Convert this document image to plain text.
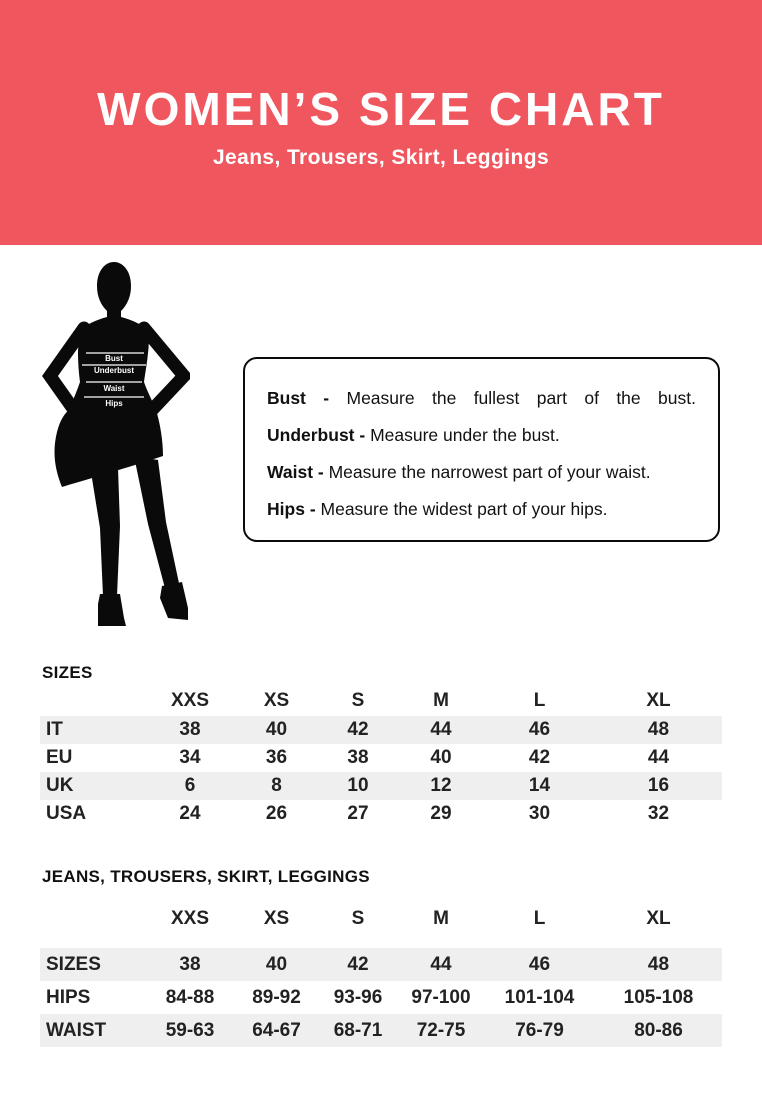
WOMEN’S SIZE CHART

Jeans, Trousers, Skirt, Leggings

Bust
Underbust
Waist
Hips	Bust - Measure the fullest part of the bust.

Underbust - Measure under the bust.

Waist - Measure the narrowest part of your waist.

Hips - Measure the widest part of your hips.

SIZES
	XXS	XS	S	M	L	XL
IT	38	40	42	44	46	48
EU	34	36	38	40	42	44
UK	6	8	10	12	14	16
USA	24	26	27	29	30	32
JEANS, TROUSERS, SKIRT, LEGGINGS
	XXS	XS	S	M	L	XL
SIZES	38	40	42	44	46	48
HIPS	84-88	89-92	93-96	97-100	101-104	105-108
WAIST	59-63	64-67	68-71	72-75	76-79	80-86
